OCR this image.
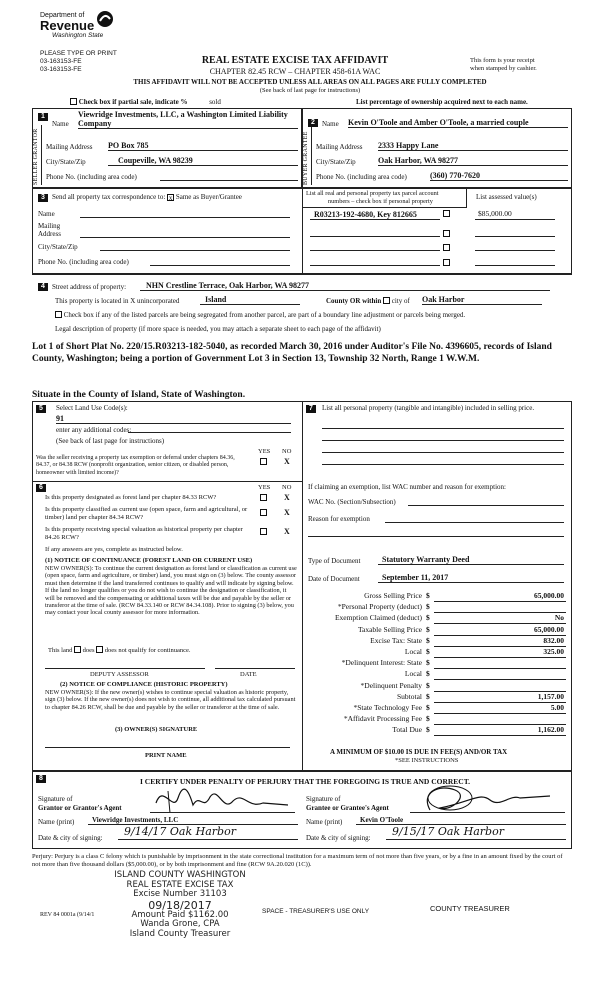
Department of
Revenue
Washington State
PLEASE TYPE OR PRINT
03-163153-FE
03-163153-FE
REAL ESTATE EXCISE TAX AFFIDAVIT
CHAPTER 82.45 RCW – CHAPTER 458-61A WAC
This form is your receipt
when stamped by cashier.
THIS AFFIDAVIT WILL NOT BE ACCEPTED UNLESS ALL AREAS ON ALL PAGES ARE FULLY COMPLETED
(See back of last page for instructions)
Check box if partial sale, indicate %	sold	List percentage of ownership acquired next to each name.
SELLER GRANTOR	BUYER GRANTEE
1
Name
Viewridge Investments, LLC, a Washington Limited Liability Company
Mailing Address PO Box 785
City/State/Zip	Coupeville, WA 98239
Phone No. (including area code)
2	Name Kevin O'Toole and Amber O'Toole, a married couple
Mailing Address 2333 Happy Lane
City/State/Zip	Oak Harbor, WA 98277
Phone No. (including area code)	(360) 770-7620
3	Send all property tax correspondence to: x Same as Buyer/Grantee
Name
Mailing
Address
City/State/Zip
Phone No. (including area code)
List all real and personal property tax parcel account
numbers – check box if personal property
List assessed value(s)
R03213-192-4680, Key 812665	$85,000.00
4	Street address of property:	NHN Crestline Terrace, Oak Harbor, WA 98277
This property is located in X unincorporated	Island	County OR within city of Oak Harbor
Check box if any of the listed parcels are being segregated from another parcel, are part of a boundary line adjustment or parcels being merged.
Legal description of property (if more space is needed, you may attach a separate sheet to each page of the affidavit)
Lot 1 of Short Plat No. 220/15.R03213-182-5040, as recorded March 30, 2016 under Auditor's File No. 4396605, records of Island County, Washington; being a portion of Government Lot 3 in Section 13, Township 32 North, Range 1 W.W.M.
Situate in the County of Island, State of Washington.
5	Select Land Use Code(s):
91
enter any additional codes:
(See back of last page for instructions)
YES NO
Was the seller receiving a property tax exemption or deferral under chapters 84.36, 84.37, or 84.38 RCW (nonprofit organization, senior citizen, or disabled person, homeowner with limited income)?
X
6	YES NO
Is this property designated as forest land per chapter 84.33 RCW?	X
Is this property classified as current use (open space, farm and agricultural, or timber) land per chapter 84.34 RCW?	X
Is this property receiving special valuation as historical property per chapter 84.26 RCW?
X
If any answers are yes, complete as instructed below.
(1) NOTICE OF CONTINUANCE (FOREST LAND OR CURRENT USE)
NEW OWNER(S): To continue the current designation as forest land or classification as current use (open space, farm and agriculture, or timber) land, you must sign on (3) below. The county assessor must then determine if the land transferred continues to qualify and will indicate by signing below. If the land no longer qualifies or you do not wish to continue the designation or classification, it will be removed and the compensating or additional taxes will be due and payable by the seller or transferor at the time of sale. (RCW 84.33.140 or RCW 84.34.108). Prior to signing (3) below, you may contact your local county assessor for more information.
This land does does not qualify for continuance.
DEPUTY ASSESSOR	DATE
(2) NOTICE OF COMPLIANCE (HISTORIC PROPERTY)
NEW OWNER(S): If the new owner(s) wishes to continue special valuation as historic property, sign (3) below. If the new owner(s) does not wish to continue, all additional tax calculated pursuant to chapter 84.26 RCW, shall be due and payable by the seller or transferor at the time of sale.
(3) OWNER(S) SIGNATURE
PRINT NAME
7	List all personal property (tangible and intangible) included in selling price.
If claiming an exemption, list WAC number and reason for exemption:
WAC No. (Section/Subsection)
Reason for exemption
Type of Document	Statutory Warranty Deed
Date of Document	September 11, 2017
Gross Selling Price $	65,000.00
*Personal Property (deduct) $
Exemption Claimed (deduct) $	No
Taxable Selling Price $	65,000.00
Excise Tax: State $	832.00
Local $	325.00
*Delinquent Interest: State $
Local $
*Delinquent Penalty $
Subtotal $	1,157.00
*State Technology Fee $	5.00
*Affidavit Processing Fee $
Total Due $	1,162.00
A MINIMUM OF $10.00 IS DUE IN FEE(S) AND/OR TAX
*SEE INSTRUCTIONS
8	I CERTIFY UNDER PENALTY OF PERJURY THAT THE FOREGOING IS TRUE AND CORRECT.
Signature of
Grantor or Grantor's Agent
Signature of
Grantee or Grantee's Agent
Name (print)	Viewridge Investments, LLC	Name (print)	Kevin O'Toole
Date & city of signing:	9/14/17 Oak Harbor	Date & city of signing:	9/15/17 Oak Harbor
Perjury: Perjury is a class C felony which is punishable by imprisonment in the state correctional institution for a maximum term of not more than five years, or by a fine in an amount fixed by the court of not more than five thousand dollars ($5,000.00), or by both imprisonment and fine (RCW 9A.20.020 (1C)).
ISLAND COUNTY WASHINGTON
REAL ESTATE EXCISE TAX
Excise Number 31103
09/18/2017
Amount Paid $1162.00
Wanda Grone, CPA
Island County Treasurer
REV 84 0001a (9/14/1	SPACE - TREASURER'S USE ONLY	COUNTY TREASURER
